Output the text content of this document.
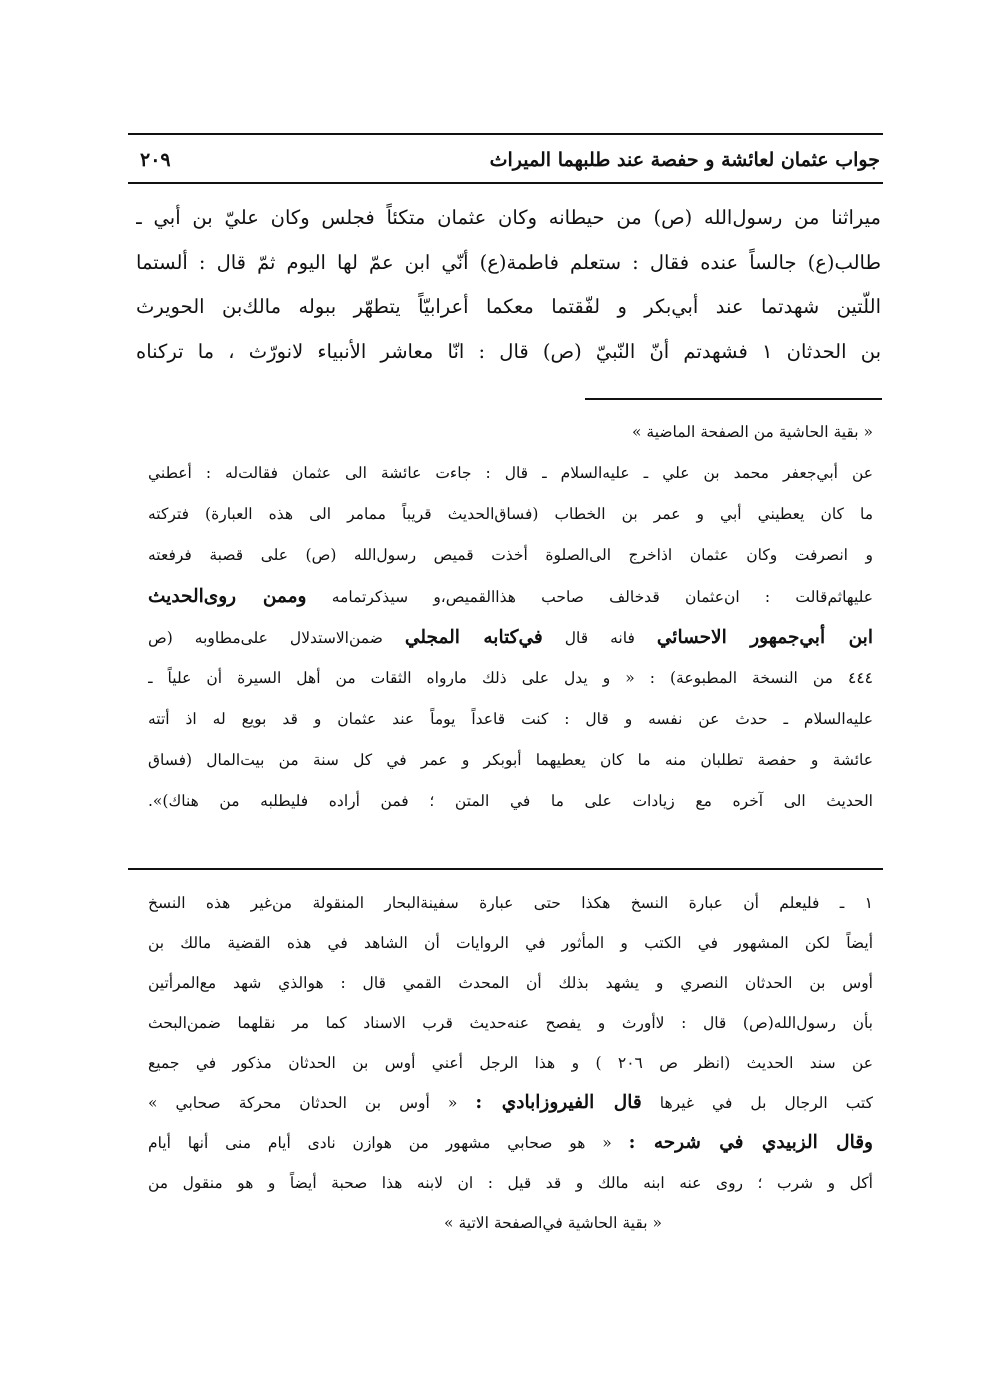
جواب عثمان لعائشة و حفصة عند طلبهما الميراث
٢٠٩
ميراثنا من رسول‌الله (ص) من حيطانه وكان عثمان متكئاً فجلس وكان عليّ بن أبي ـ
طالب(ع) جالساً عنده فقال : ستعلم فاطمة(ع) أنّي ابن عمّ لها اليوم ثمّ قال : ألستما
اللّتين شهدتما عند أبي‌بكر و لفّقتما معكما أعرابيّاً يتطهّر ببوله مالك‌بن الحويرث
بن الحدثان ١ فشهدتم أنّ النّبيّ (ص) قال : انّا معاشر الأنبياء لانورّث ، ما تركناه
« بقية الحاشية من الصفحة الماضية »
عن أبي‌جعفر محمد بن علي ـ عليه‌السلام ـ قال : جاءت عائشة الى عثمان فقالت‌له : أعطني
ما كان يعطيني أبي و عمر بن الخطاب (فساق‌الحديث قريباً ممامر الى هذه العبارة) فتركته
و انصرفت وكان عثمان اذاخرج الى‌الصلوة أخذت قميص رسول‌الله (ص) على قصبة فرفعته
عليهاثم‌قالت : ان‌عثمان قدخالف صاحب هذا‌القميص،و سيذكرتمامه وممن روى‌الحديث
ابن أبي‌جمهور الاحسائي فانه قال في‌كتابه المجلي ضمن‌الاستدلال على‌مطاوبه (ص
٤٤٤ من النسخة المطبوعة) : « و يدل على ذلك مارواه الثقات من أهل السيرة أن علياً ـ
عليه‌السلام ـ حدث عن نفسه و قال : كنت قاعداً يوماً عند عثمان و قد بويع له اذ أتته
عائشة و حفصة تطلبان منه ما كان يعطيهما أبوبكر و عمر في كل سنة من بيت‌المال (فساق
الحديث الى آخره مع زيادات على ما في المتن ؛ فمن أراده فليطلبه من هناك)».
١ ـ فليعلم أن عبارة النسخ هكذا حتى عبارة سفينة‌البحار المنقولة من‌غير هذه النسخ
أيضاً لكن المشهور في الكتب و المأثور في الروايات أن الشاهد في هذه القضية مالك بن
أوس بن الحدثان النصري و يشهد بذلك أن المحدث القمي قال : هوالذي شهد مع‌المرأتين
بأن رسول‌الله(ص) قال : لاأورث و يفصح عنه‌حديث قرب الاسناد كما مر نقلهما ضمن‌البحث
عن سند الحديث (انظر ص ٢٠٦ ) و هذا الرجل أعني أوس بن الحدثان مذكور في جميع
كتب الرجال بل في غيرها قال الفيروزابادي : « أوس بن الحدثان محركة صحابي »
وقال الزبيدي في شرحه : « هو صحابي مشهور من هوازن نادى أيام منى أنها أيام
أكل و شرب ؛ روى عنه ابنه مالك و قد قيل : ان لابنه هذا صحبة أيضاً و هو منقول من
« بقية الحاشية في‌الصفحة الاتية »
